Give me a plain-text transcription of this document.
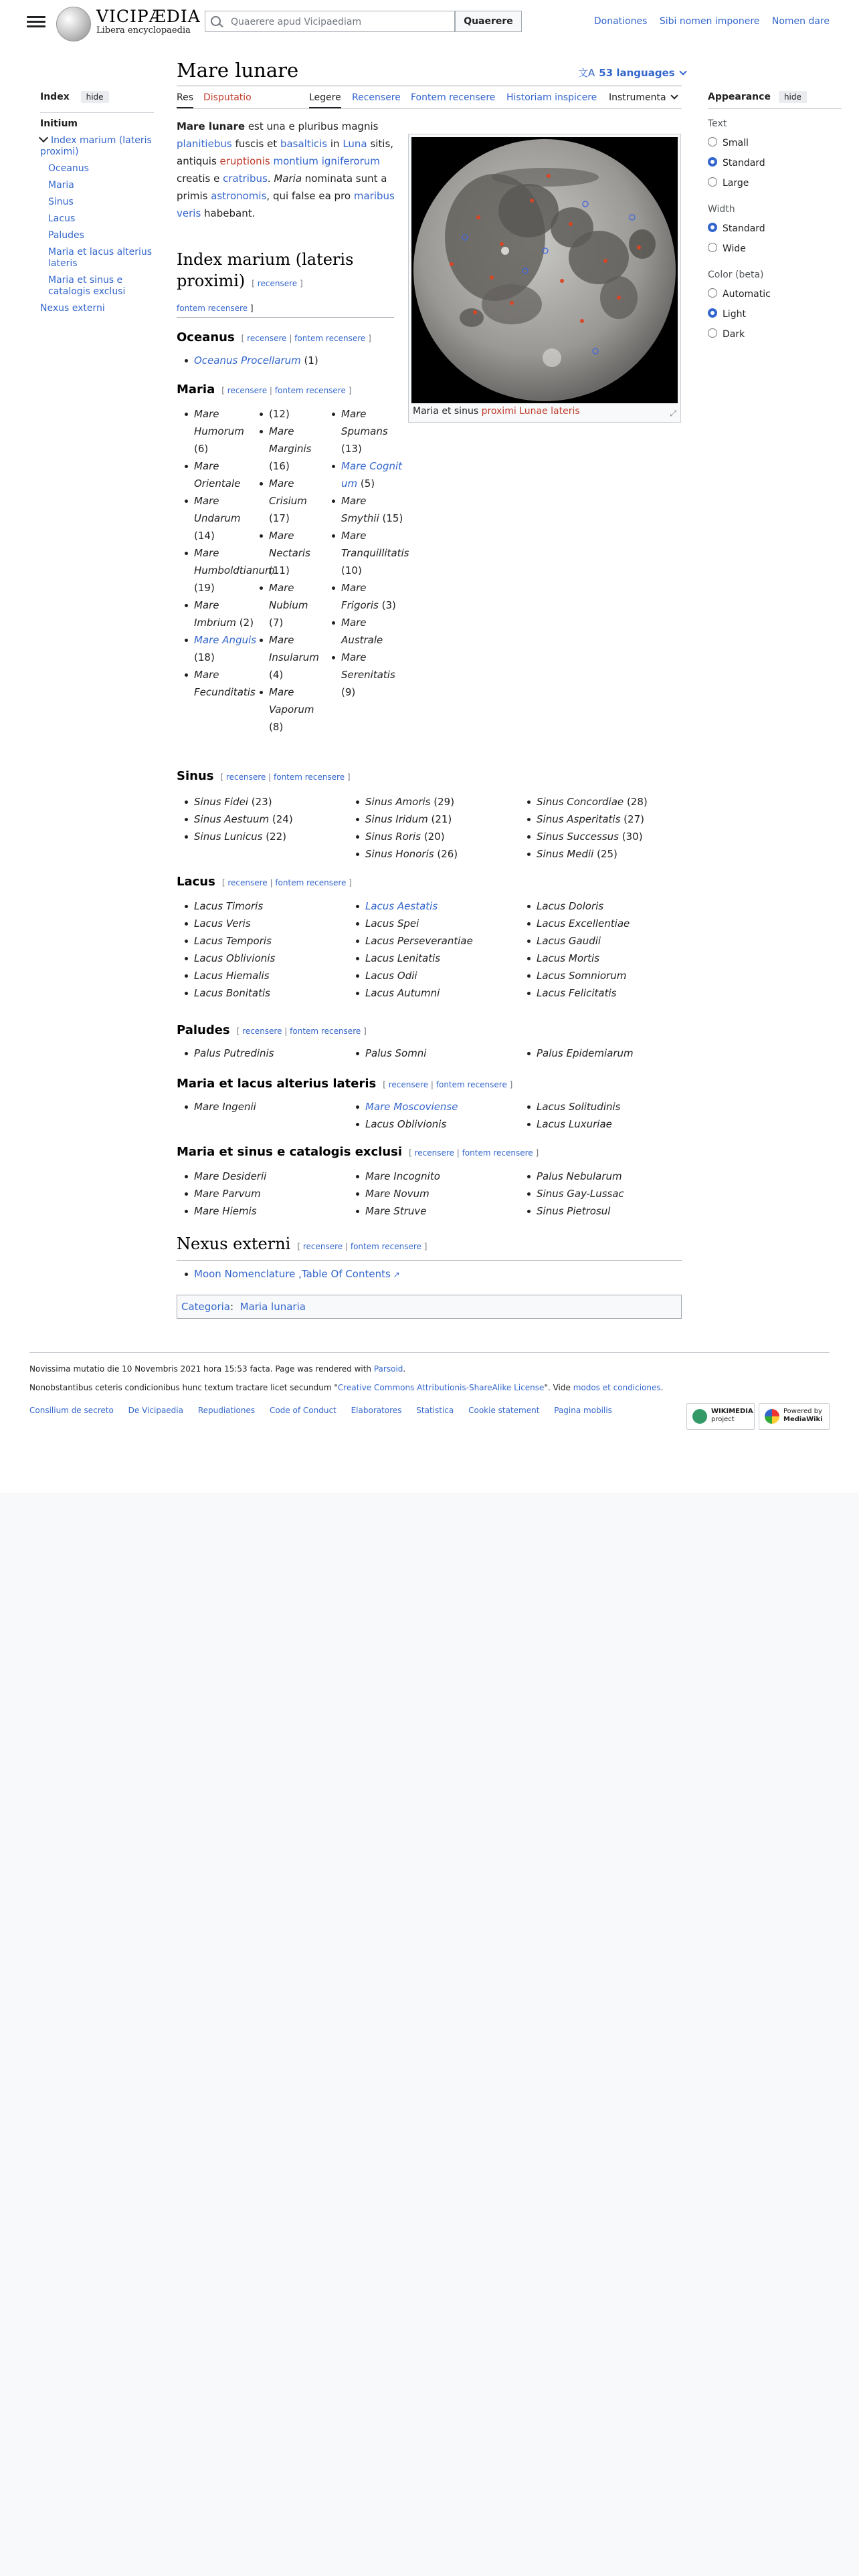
VICIPÆDIA
Libera encyclopaedia
Quaerere apud Vicipaediam
Quaerere	Donationes Sibi nomen imponere Nomen dare
Index hide
Initium
Index marium (lateris proximi)
Oceanus
Maria
Sinus
Lacus
Paludes
Maria et lacus alterius lateris
Maria et sinus e catalogis exclusi
Nexus externi
Mare lunare	文A 53 languages
Res Disputatio	Legere Recensere Fontem recensere Historiam inspicere Instrumenta
Mare lunare est una e pluribus magnis planitiebus fuscis et basalticis in Luna sitis, antiquis eruptionis montium igniferorum creatis e cratribus. Maria nominata sunt a primis astronomis, qui false ea pro maribus veris habebant.
Maria et sinus proximi Lunae lateris	⤢
Index marium (lateris proximi) [ recensere ]
fontem recensere ]
Oceanus [ recensere | fontem recensere ]
Oceanus Procellarum (1)
Maria [ recensere | fontem recensere ]
Mare Humorum (6)
Mare Orientale
Mare Undarum (14)
Mare Humboldtianum (19)
Mare Imbrium (2)
Mare Anguis (18)
Mare Fecunditatis
(12)
Mare Marginis (16)
Mare Crisium (17)
Mare Nectaris (11)
Mare Nubium (7)
Mare Insularum (4)
Mare Vaporum (8)
Mare Spumans (13)
Mare Cognitum (5)
Mare Smythii (15)
Mare Tranquillitatis (10)
Mare Frigoris (3)
Mare Australe
Mare Serenitatis (9)
Sinus [ recensere | fontem recensere ]
Sinus Fidei (23)
Sinus Aestuum (24)
Sinus Lunicus (22)
Sinus Amoris (29)
Sinus Iridum (21)
Sinus Roris (20)
Sinus Honoris (26)
Sinus Concordiae (28)
Sinus Asperitatis (27)
Sinus Successus (30)
Sinus Medii (25)
Lacus [ recensere | fontem recensere ]
Lacus Timoris
Lacus Veris
Lacus Temporis
Lacus Oblivionis
Lacus Hiemalis
Lacus Bonitatis
Lacus Aestatis
Lacus Spei
Lacus Perseverantiae
Lacus Lenitatis
Lacus Odii
Lacus Autumni
Lacus Doloris
Lacus Excellentiae
Lacus Gaudii
Lacus Mortis
Lacus Somniorum
Lacus Felicitatis
Paludes [ recensere | fontem recensere ]
Palus Putredinis	Palus Somni	Palus Epidemiarum
Maria et lacus alterius lateris [ recensere | fontem recensere ]
Mare Ingenii	Mare Moscoviense
Lacus Oblivionis
Lacus Solitudinis
Lacus Luxuriae
Maria et sinus e catalogis exclusi [ recensere | fontem recensere ]
Mare Desiderii
Mare Parvum
Mare Hiemis
Mare Incognito
Mare Novum
Mare Struve
Palus Nebularum
Sinus Gay-Lussac
Sinus Pietrosul
Nexus externi [ recensere | fontem recensere ]
Moon Nomenclature ,Table Of Contents ↗
Categoria: Maria lunaria
Appearance hide
Text
Small
Standard
Large
Width
Standard
Wide
Color (beta)
Automatic
Light
Dark
Novissima mutatio die 10 Novembris 2021 hora 15:53 facta. Page was rendered with Parsoid.
Nonobstantibus ceteris condicionibus hunc textum tractare licet secundum "Creative Commons Attributionis-ShareAlike License". Vide modos et condiciones.
Consilium de secreto De Vicipaedia Repudiationes Code of Conduct Elaboratores Statistica Cookie statement Pagina mobilis	WIKIMEDIA
project
Powered by
MediaWiki
